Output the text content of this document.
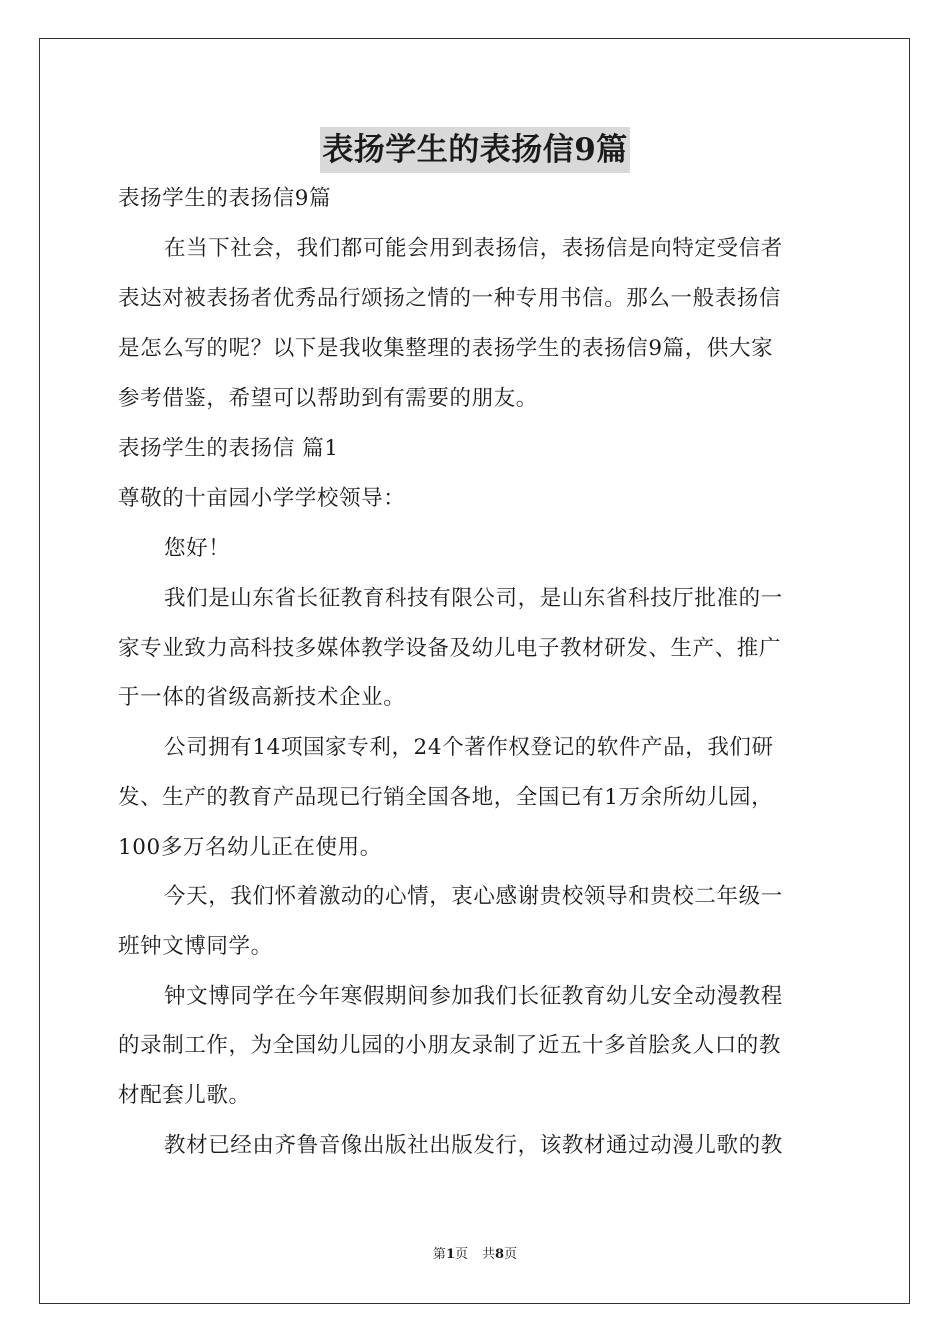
表扬学生的表扬信9篇
表扬学生的表扬信9篇
在当下社会，我们都可能会用到表扬信，表扬信是向特定受信者
表达对被表扬者优秀品行颂扬之情的一种专用书信。那么一般表扬信
是怎么写的呢？以下是我收集整理的表扬学生的表扬信9篇，供大家
参考借鉴，希望可以帮助到有需要的朋友。
表扬学生的表扬信 篇1
尊敬的十亩园小学学校领导：
您好！
我们是山东省长征教育科技有限公司，是山东省科技厅批准的一
家专业致力高科技多媒体教学设备及幼儿电子教材研发、生产、推广
于一体的省级高新技术企业。
公司拥有14项国家专利，24个著作权登记的软件产品，我们研
发、生产的教育产品现已行销全国各地，全国已有1万余所幼儿园，
100多万名幼儿正在使用。
今天，我们怀着激动的心情，衷心感谢贵校领导和贵校二年级一
班钟文博同学。
钟文博同学在今年寒假期间参加我们长征教育幼儿安全动漫教程
的录制工作，为全国幼儿园的小朋友录制了近五十多首脍炙人口的教
材配套儿歌。
教材已经由齐鲁音像出版社出版发行，该教材通过动漫儿歌的教
第1页 共8页
